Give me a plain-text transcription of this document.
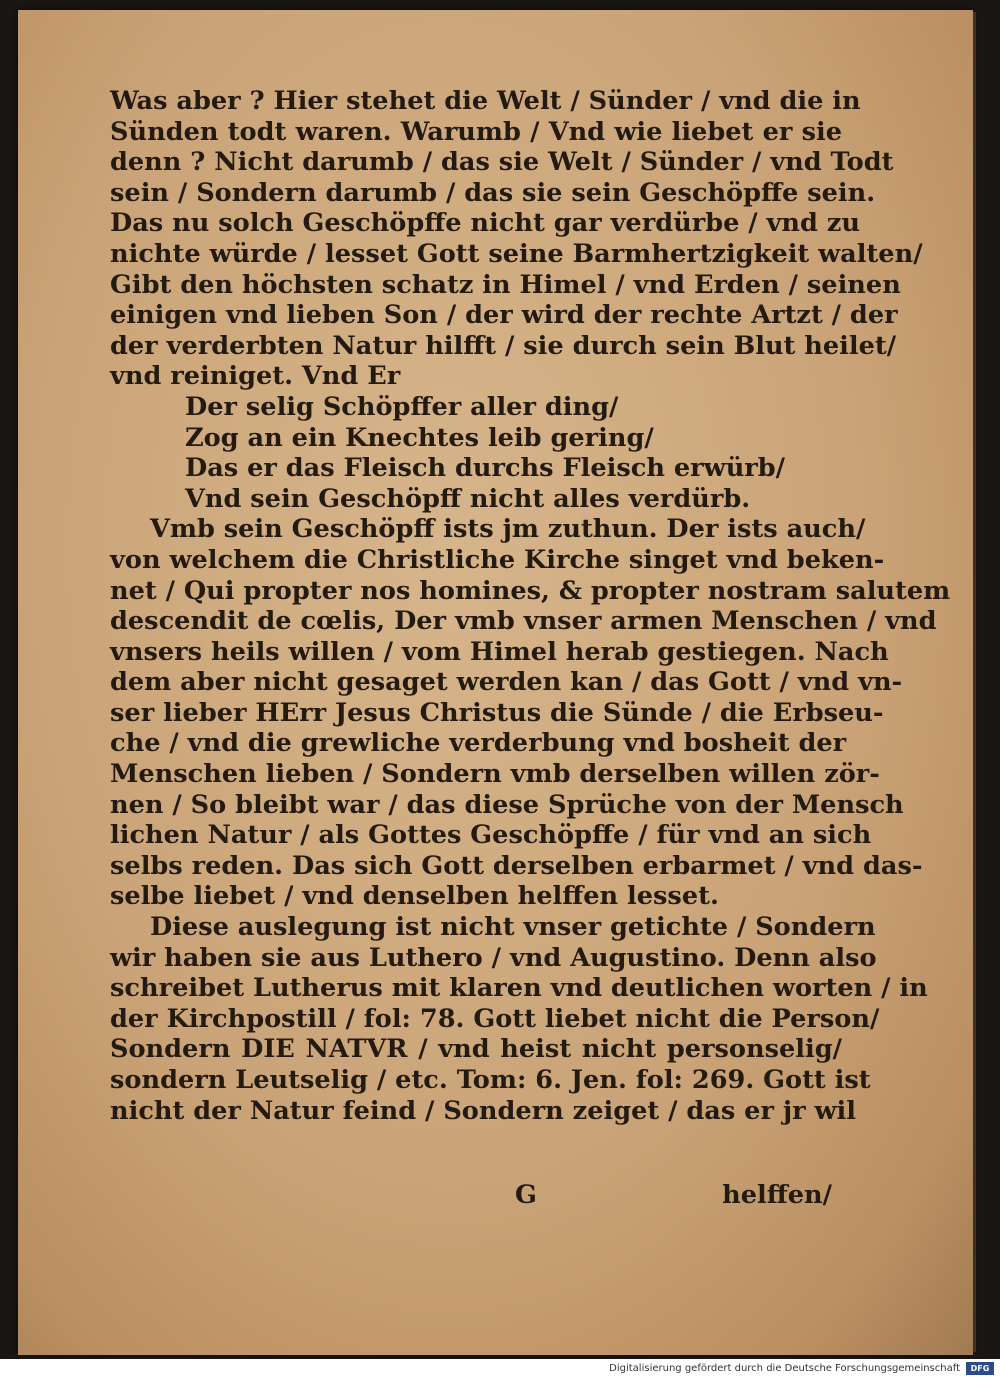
Was aber ? Hier stehet die Welt / Sünder / vnd die in
Sünden todt waren. Warumb / Vnd wie liebet er sie
denn ? Nicht darumb / das sie Welt / Sünder / vnd Todt
sein / Sondern darumb / das sie sein Geschöpffe sein.
Das nu solch Geschöpffe nicht gar verdürbe / vnd zu
nichte würde / lesset Gott seine Barmhertzigkeit walten/
Gibt den höchsten schatz in Himel / vnd Erden / seinen
einigen vnd lieben Son / der wird der rechte Artzt / der
der verderbten Natur hilfft / sie durch sein Blut heilet/
vnd reiniget. Vnd Er
Der selig Schöpffer aller ding/
Zog an ein Knechtes leib gering/
Das er das Fleisch durchs Fleisch erwürb/
Vnd sein Geschöpff nicht alles verdürb.
Vmb sein Geschöpff ists jm zuthun. Der ists auch/
von welchem die Christliche Kirche singet vnd beken-
net / Qui propter nos homines, & propter nostram salutem
descendit de cœlis, Der vmb vnser armen Menschen / vnd
vnsers heils willen / vom Himel herab gestiegen. Nach
dem aber nicht gesaget werden kan / das Gott / vnd vn-
ser lieber HErr Jesus Christus die Sünde / die Erbseu-
che / vnd die grewliche verderbung vnd bosheit der
Menschen lieben / Sondern vmb derselben willen zör-
nen / So bleibt war / das diese Sprüche von der Mensch
lichen Natur / als Gottes Geschöpffe / für vnd an sich
selbs reden. Das sich Gott derselben erbarmet / vnd das-
selbe liebet / vnd denselben helffen lesset.
Diese auslegung ist nicht vnser getichte / Sondern
wir haben sie aus Luthero / vnd Augustino. Denn also
schreibet Lutherus mit klaren vnd deutlichen worten / in
der Kirchpostill / fol: 78. Gott liebet nicht die Person/
Sondern DIE NATVR / vnd heist nicht personselig/
sondern Leutselig / etc. Tom: 6. Jen. fol: 269. Gott ist
nicht der Natur feind / Sondern zeiget / das er jr wil
G	helffen/
Digitalisierung gefördert durch die Deutsche Forschungsgemeinschaft	DFG
